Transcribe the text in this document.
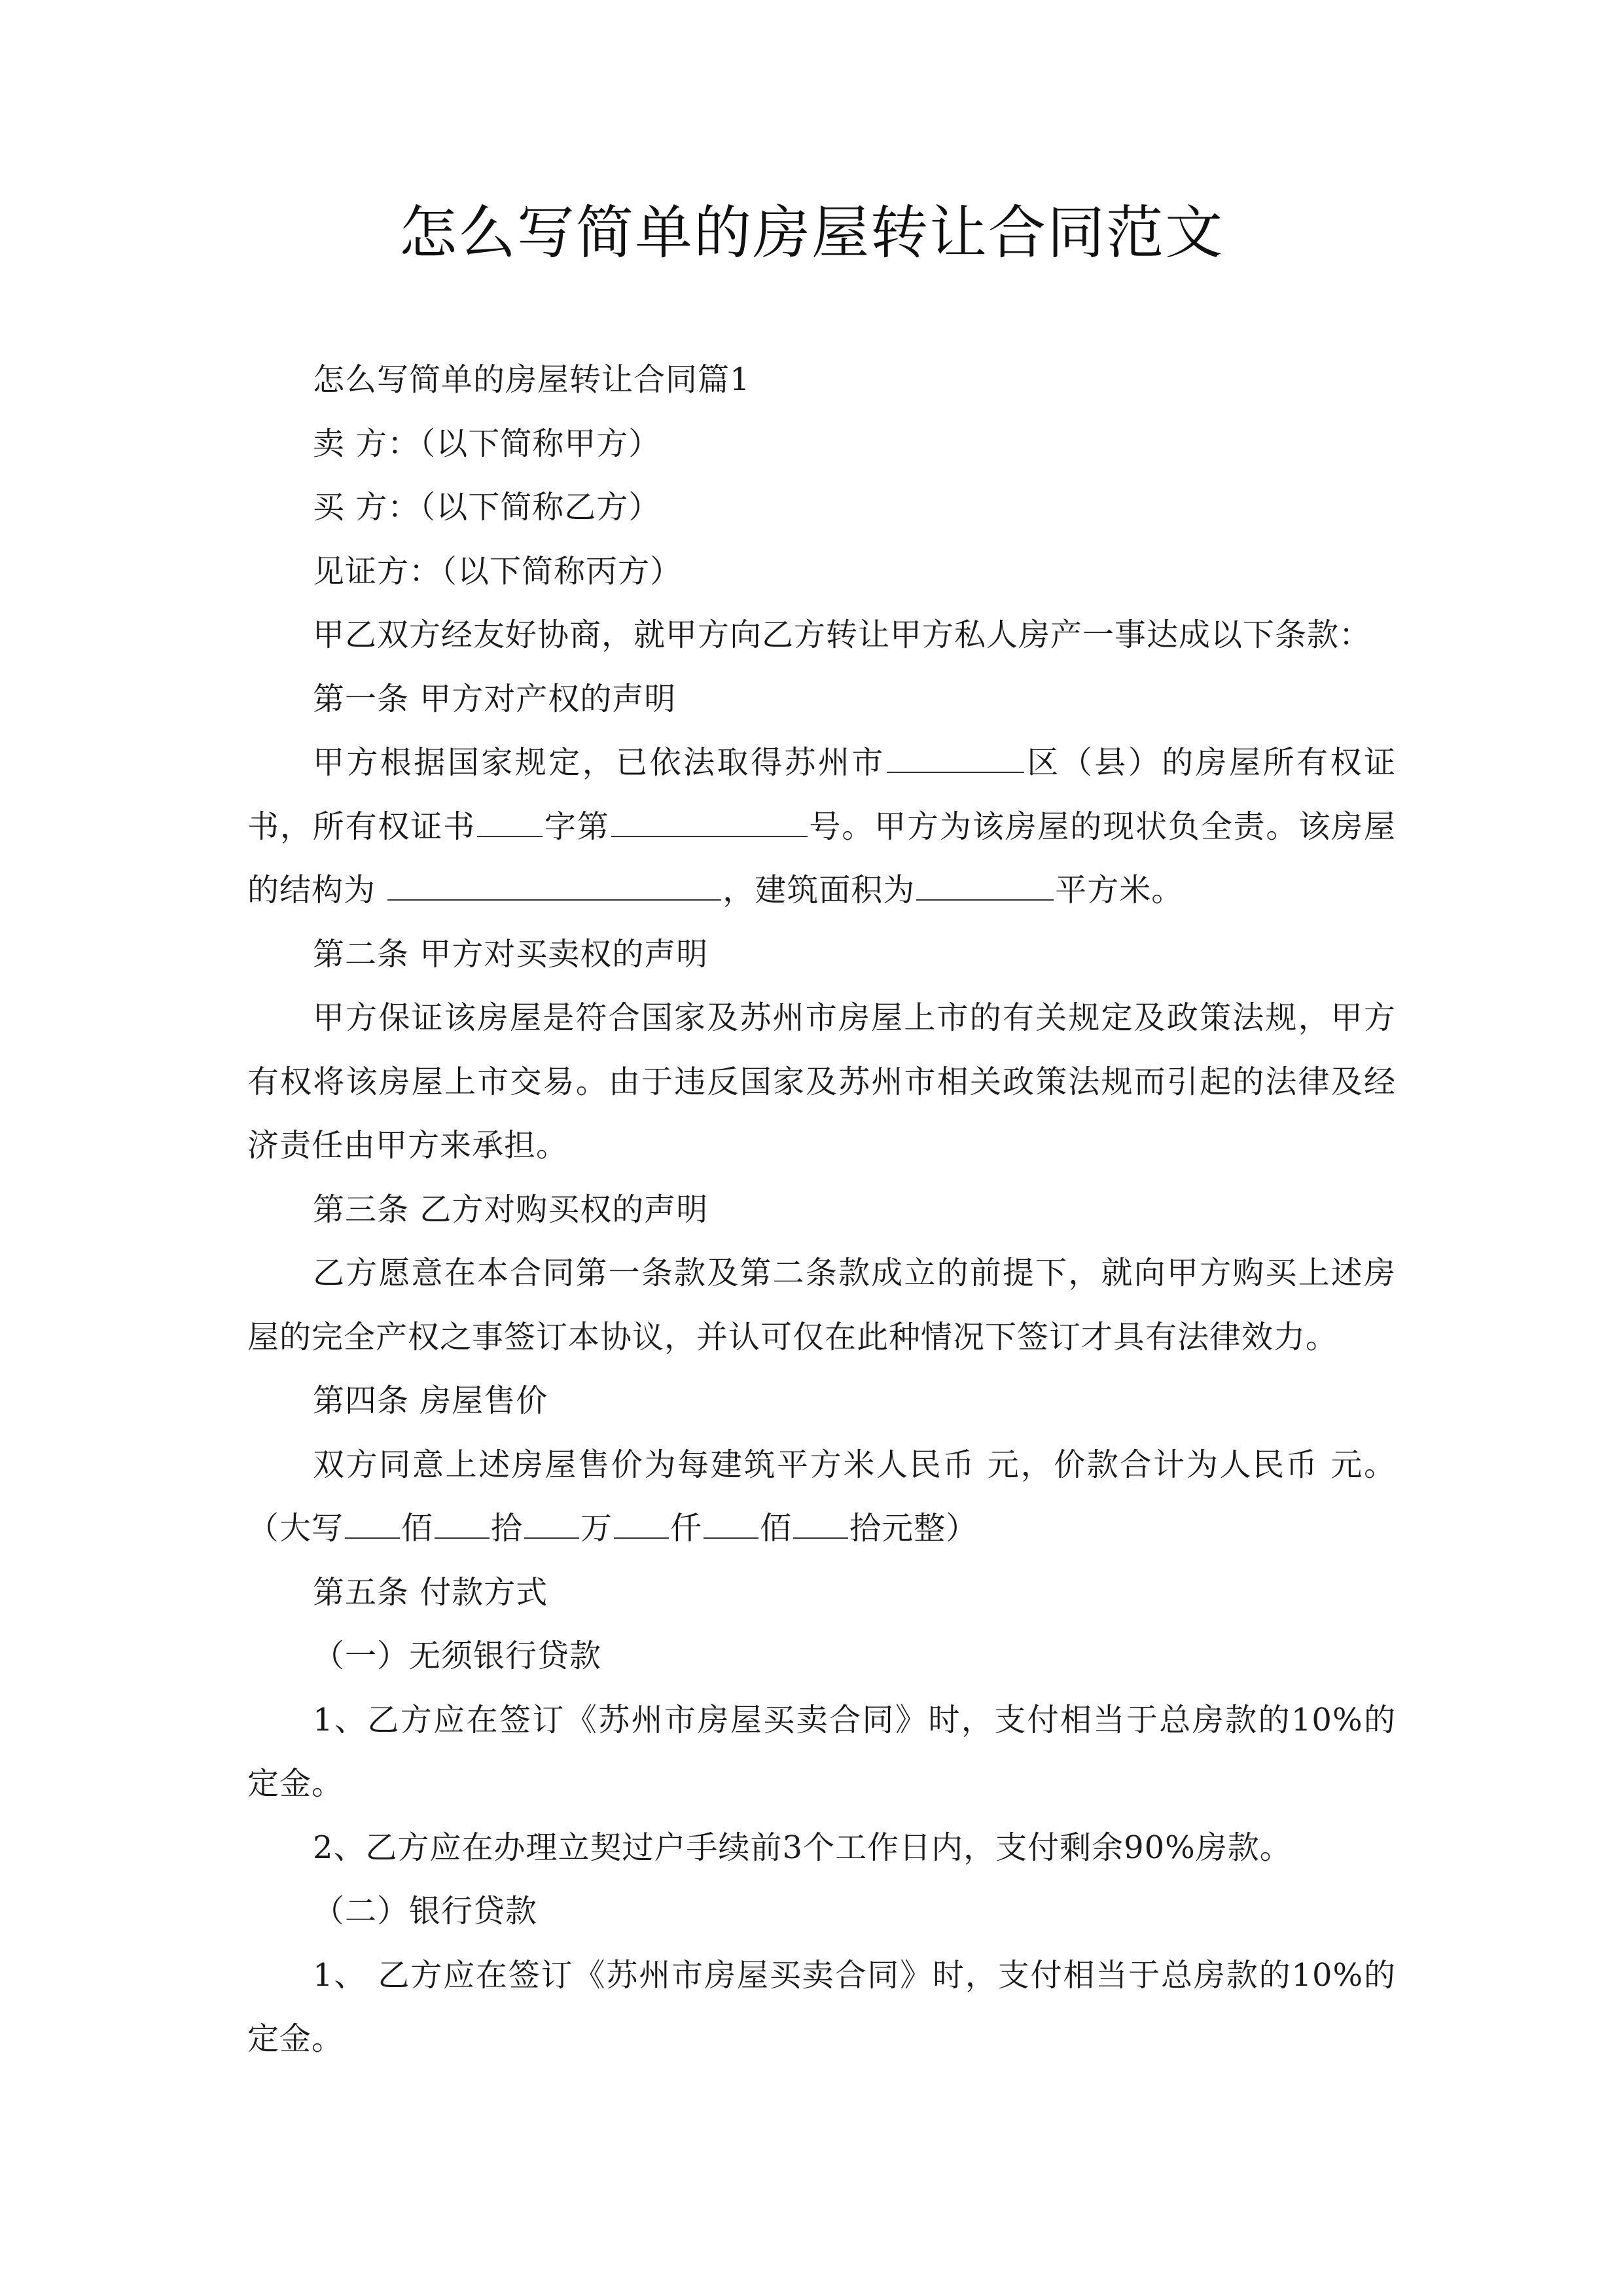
怎么写简单的房屋转让合同范文

怎么写简单的房屋转让合同篇1

卖 方：（以下简称甲方）

买 方：（以下简称乙方）

见证方：（以下简称丙方）

甲乙双方经友好协商，就甲方向乙方转让甲方私人房产一事达成以下条款：

第一条 甲方对产权的声明

甲方根据国家规定，已依法取得苏州市	区（县）的房屋所有权证书，所有权证书 字第	号。甲方为该房屋的现状负全责。该房屋的结构为	，建筑面积为	平方米。

第二条 甲方对买卖权的声明

甲方保证该房屋是符合国家及苏州市房屋上市的有关规定及政策法规，甲方有权将该房屋上市交易。由于违反国家及苏州市相关政策法规而引起的法律及经济责任由甲方来承担。

第三条 乙方对购买权的声明

乙方愿意在本合同第一条款及第二条款成立的前提下，就向甲方购买上述房屋的完全产权之事签订本协议，并认可仅在此种情况下签订才具有法律效力。

第四条 房屋售价

双方同意上述房屋售价为每建筑平方米人民币 元，价款合计为人民币 元。（大写 佰 拾 万 仟 佰 拾元整）

第五条 付款方式

（一）无须银行贷款

1、乙方应在签订《苏州市房屋买卖合同》时，支付相当于总房款的10%的定金。

2、乙方应在办理立契过户手续前3个工作日内，支付剩余90%房款。

（二）银行贷款

1、 乙方应在签订《苏州市房屋买卖合同》时，支付相当于总房款的10%的定金。
